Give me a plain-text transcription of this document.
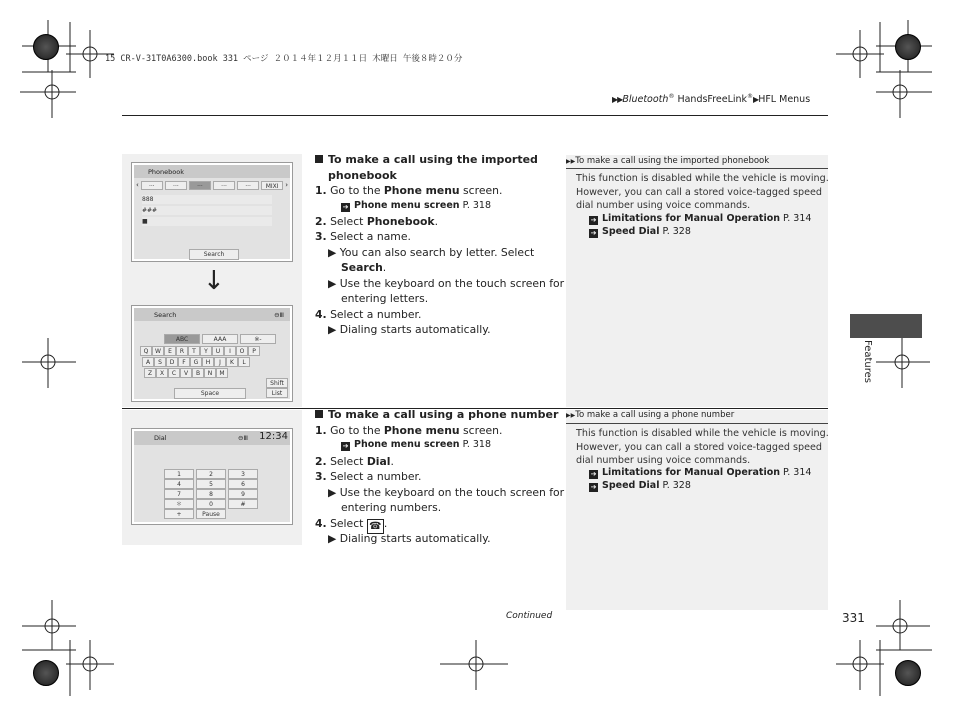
15 CR-V-31T0A6300.book 331 ページ ２０１４年１２月１１日 木曜日 午後８時２０分
▶▶Bluetooth® HandsFreeLink®▶HFL Menus
Phonebook
‹	···	···	···	···	···	MIXI ›
888
###
■
Search
↓
Search	⊖Ⅲ
ABC	AAA	※-
Q	W	E	R	T	Y	U	I	O	P
A	S	D	F	G	H	J	K	L
Z	X	C	V	B	N	M
Space
Shift
List
Dial	⊖Ⅲ 12:34
1	2	3
4	5	6
7	8	9
＊	0	#
+	Pause
To make a call using the imported
phonebook
1. Go to the Phone menu screen.
➔ Phone menu screen P. 318
2. Select Phonebook.
3. Select a name.
▶ You can also search by letter. Select
Search.
▶ Use the keyboard on the touch screen for
entering letters.
4. Select a number.
▶ Dialing starts automatically.
▶▶To make a call using the imported phonebook
This function is disabled while the vehicle is moving.
However, you can call a stored voice-tagged speed
dial number using voice commands.
➔ Limitations for Manual Operation P. 314
➔ Speed Dial P. 328
To make a call using a phone number
1. Go to the Phone menu screen.
➔ Phone menu screen P. 318
2. Select Dial.
3. Select a number.
▶ Use the keyboard on the touch screen for
entering numbers.
4. Select ☎ .
▶ Dialing starts automatically.
▶▶To make a call using a phone number
This function is disabled while the vehicle is moving.
However, you can call a stored voice-tagged speed
dial number using voice commands.
➔ Limitations for Manual Operation P. 314
➔ Speed Dial P. 328
Features
Continued	331
